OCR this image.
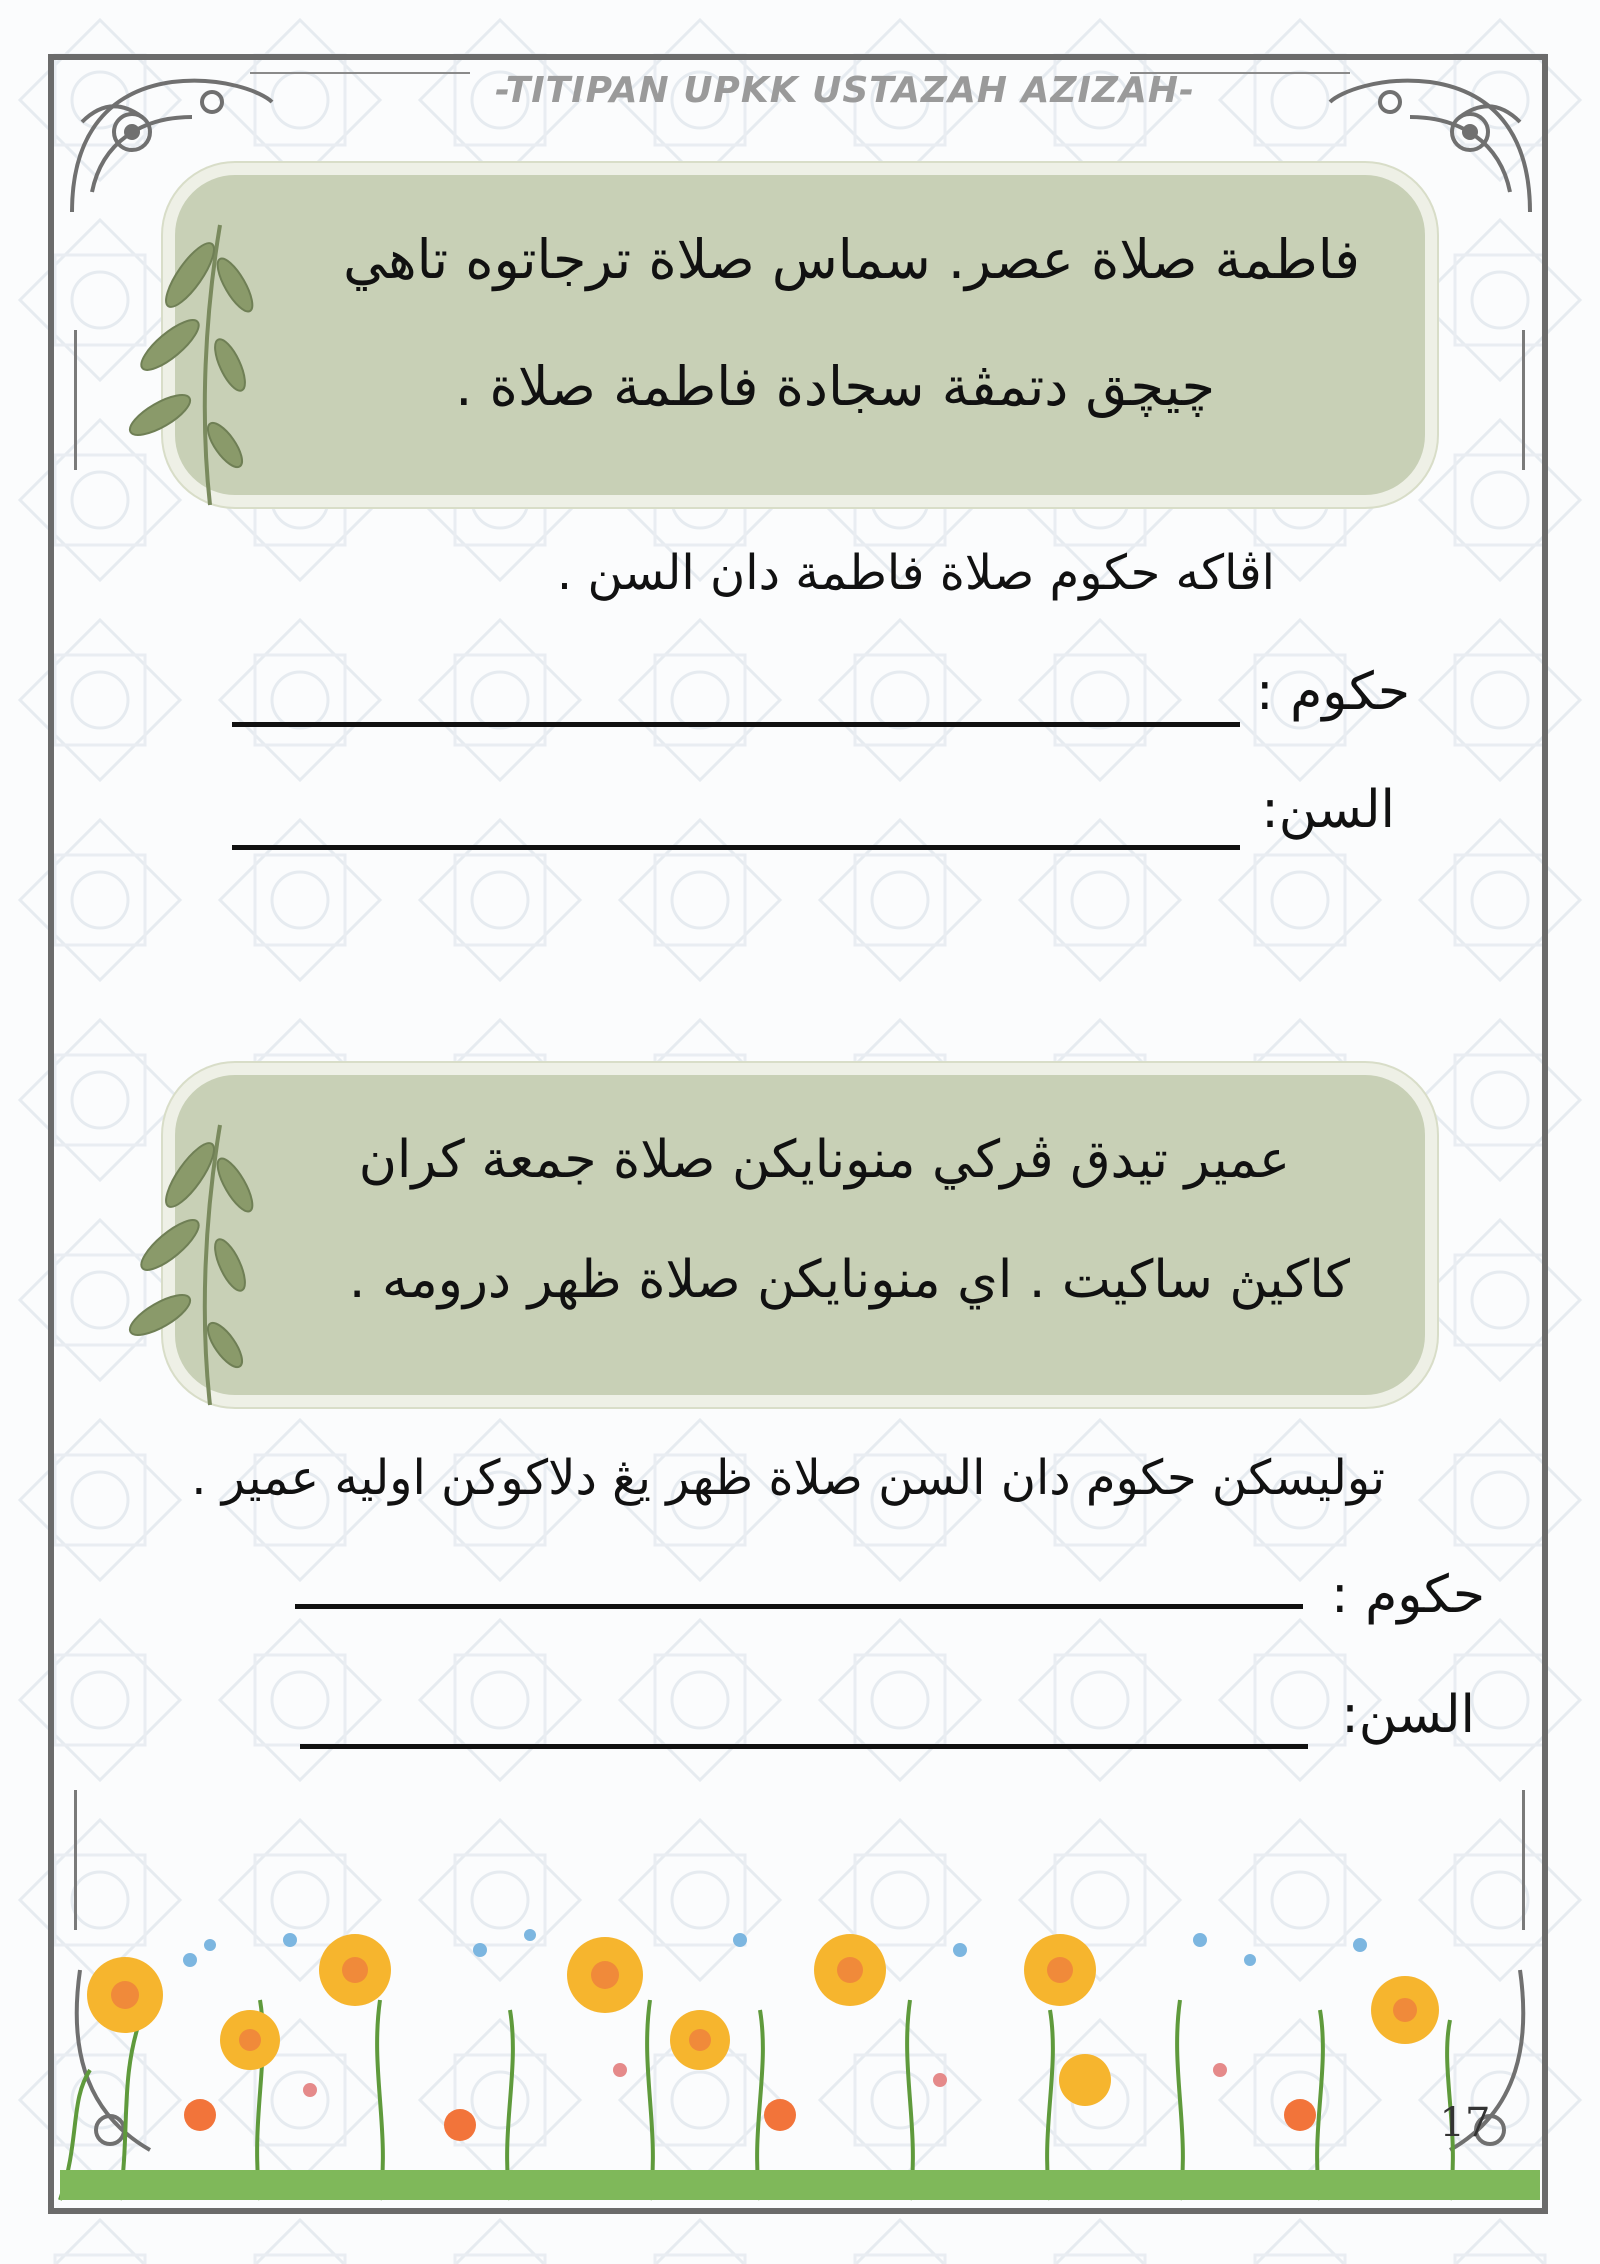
-TITIPAN UPKK USTAZAH AZIZAH-
فاطمة صلاة عصر. سماس صلاة ترجاتوه تاهي
چيچق دتمڤة سجادة فاطمة صلاة .
اڤاكه حكوم صلاة فاطمة دان السن .
حكوم :
السن:
عمير تيدق ڤركي منونايكن صلاة جمعة كران
كاكيڽ ساكيت . اي منونايكن صلاة ظهر درومه .
توليسكن حكوم دان السن صلاة ظهر يڠ دلاكوكن اوليه عمير .
حكوم :
السن:
17
